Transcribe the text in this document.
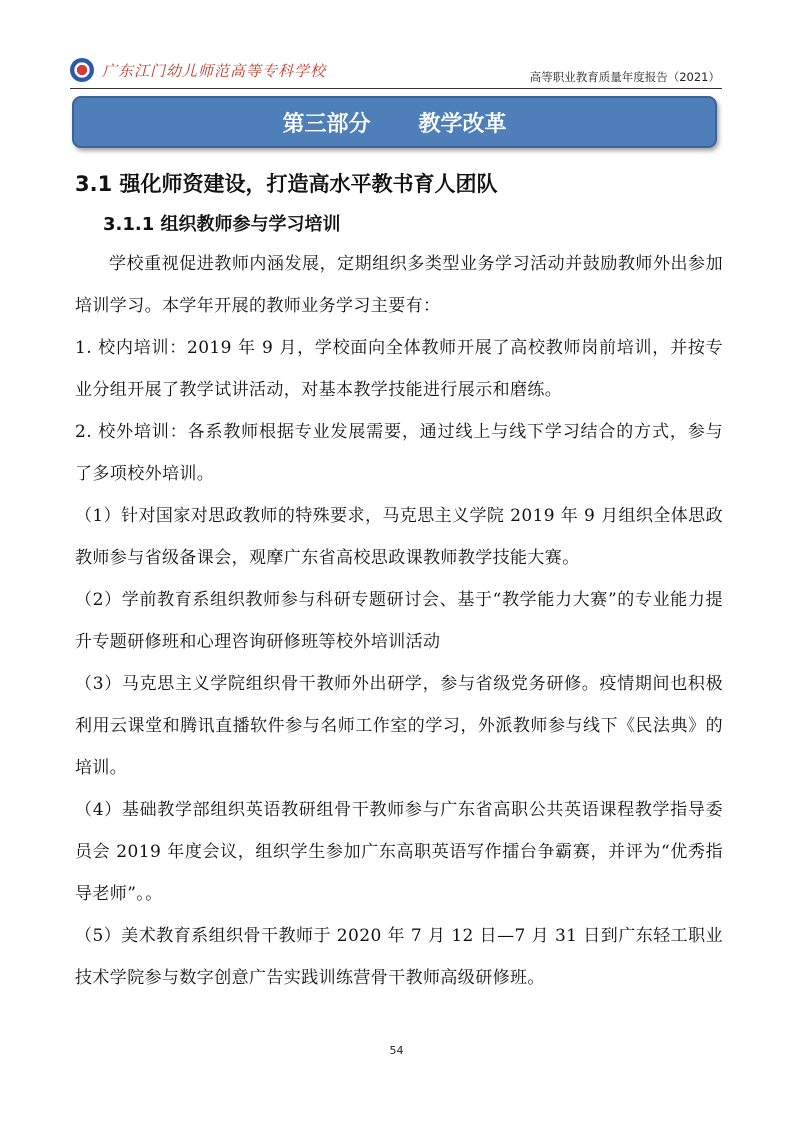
广东江门幼儿师范高等专科学校	高等职业教育质量年度报告（2021）
第三部分 教学改革
3.1 强化师资建设，打造高水平教书育人团队
3.1.1 组织教师参与学习培训

学校重视促进教师内涵发展，定期组织多类型业务学习活动并鼓励教师外出参加培训学习。本学年开展的教师业务学习主要有：

1. 校内培训：2019 年 9 月，学校面向全体教师开展了高校教师岗前培训，并按专业分组开展了教学试讲活动，对基本教学技能进行展示和磨练。

2. 校外培训：各系教师根据专业发展需要，通过线上与线下学习结合的方式，参与了多项校外培训。

（1）针对国家对思政教师的特殊要求，马克思主义学院 2019 年 9 月组织全体思政教师参与省级备课会，观摩广东省高校思政课教师教学技能大赛。

（2）学前教育系组织教师参与科研专题研讨会、基于“教学能力大赛”的专业能力提升专题研修班和心理咨询研修班等校外培训活动

（3）马克思主义学院组织骨干教师外出研学，参与省级党务研修。疫情期间也积极利用云课堂和腾讯直播软件参与名师工作室的学习，外派教师参与线下《民法典》的培训。

（4）基础教学部组织英语教研组骨干教师参与广东省高职公共英语课程教学指导委员会 2019 年度会议，组织学生参加广东高职英语写作擂台争霸赛，并评为“优秀指导老师”。。

（5）美术教育系组织骨干教师于 2020 年 7 月 12 日—7 月 31 日到广东轻工职业技术学院参与数字创意广告实践训练营骨干教师高级研修班。

54
